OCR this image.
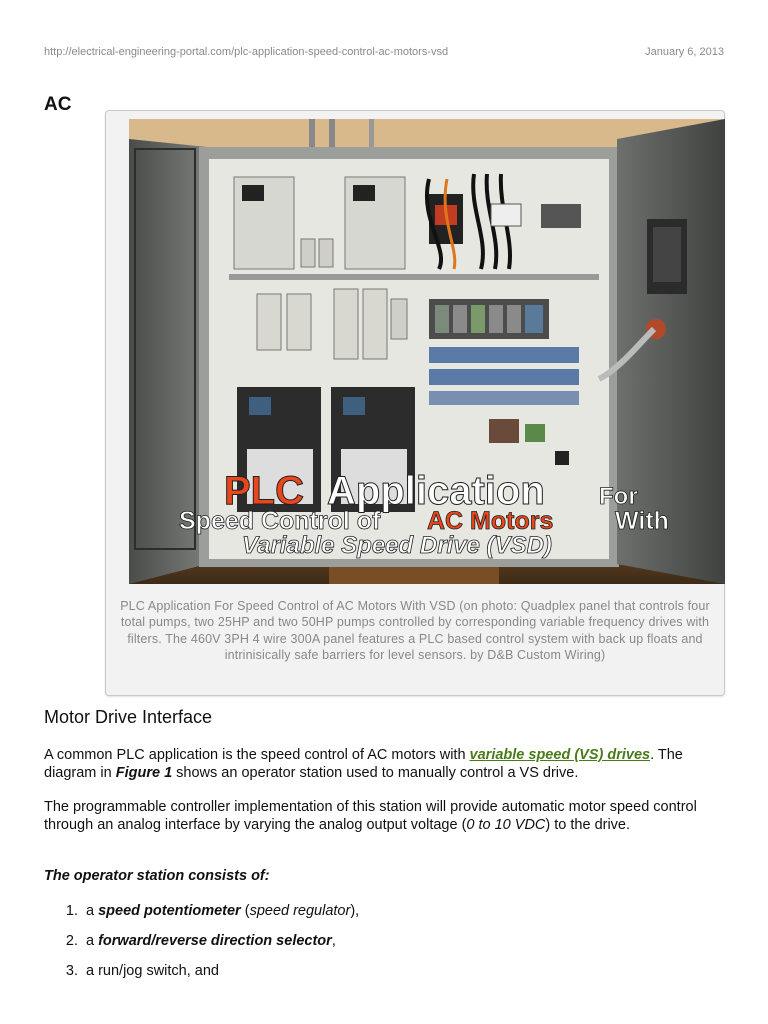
http://electrical-engineering-portal.com/plc-application-speed-control-ac-motors-vsd	January 6, 2013
AC
PLC Application For
Speed Control of AC Motors With
Variable Speed Drive (VSD)
PLC Application For Speed Control of AC Motors With VSD (on photo: Quadplex panel that controls four total pumps, two 25HP and two 50HP pumps controlled by corresponding variable frequency drives with filters. The 460V 3PH 4 wire 300A panel features a PLC based control system with back up floats and intrinisically safe barriers for level sensors. by D&B Custom Wiring)
Motor Drive Interface

A common PLC application is the speed control of AC motors with variable speed (VS) drives. The diagram in Figure 1 shows an operator station used to manually control a VS drive.

The programmable controller implementation of this station will provide automatic motor speed control through an analog interface by varying the analog output voltage (0 to 10 VDC) to the drive.

The operator station consists of:

1. a speed potentiometer (speed regulator),
2. a forward/reverse direction selector,
3. a run/jog switch, and
